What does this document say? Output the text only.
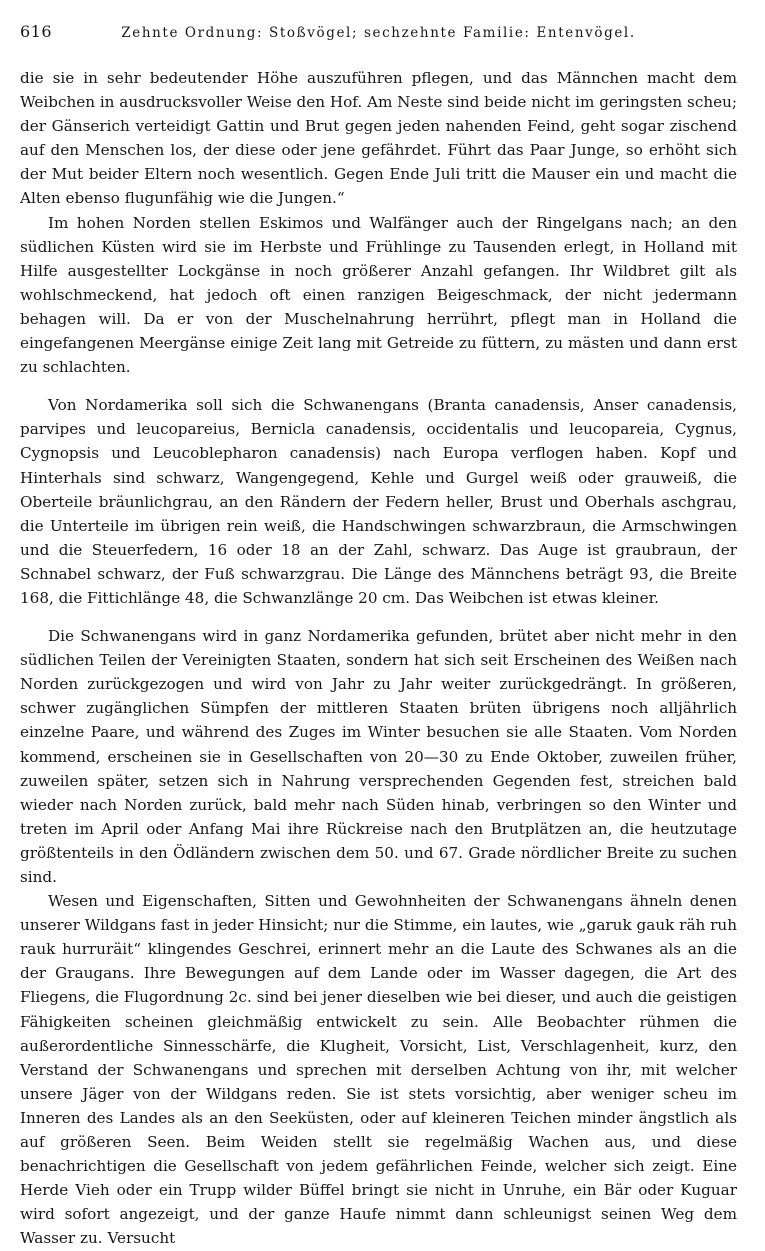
616	Zehnte Ordnung: Stoßvögel; sechzehnte Familie: Entenvögel.

die sie in sehr bedeutender Höhe auszuführen pflegen, und das Männchen macht dem Weibchen in ausdrucksvoller Weise den Hof. Am Neste sind beide nicht im geringsten scheu; der Gänserich verteidigt Gattin und Brut gegen jeden nahenden Feind, geht sogar zischend auf den Menschen los, der diese oder jene gefährdet. Führt das Paar Junge, so erhöht sich der Mut beider Eltern noch wesentlich. Gegen Ende Juli tritt die Mauser ein und macht die Alten ebenso flugunfähig wie die Jungen.“

Im hohen Norden stellen Eskimos und Walfänger auch der Ringelgans nach; an den südlichen Küsten wird sie im Herbste und Frühlinge zu Tausenden erlegt, in Holland mit Hilfe ausgestellter Lockgänse in noch größerer Anzahl gefangen. Ihr Wildbret gilt als wohlschmeckend, hat jedoch oft einen ranzigen Beigeschmack, der nicht jedermann behagen will. Da er von der Muschelnahrung herrührt, pflegt man in Holland die eingefangenen Meergänse einige Zeit lang mit Getreide zu füttern, zu mästen und dann erst zu schlachten.

Von Nordamerika soll sich die Schwanengans (Branta canadensis, Anser canadensis, parvipes und leucopareius, Bernicla canadensis, occidentalis und leucopareia, Cygnus, Cygnopsis und Leucoblepharon canadensis) nach Europa verflogen haben. Kopf und Hinterhals sind schwarz, Wangengegend, Kehle und Gurgel weiß oder grauweiß, die Oberteile bräunlichgrau, an den Rändern der Federn heller, Brust und Oberhals aschgrau, die Unterteile im übrigen rein weiß, die Handschwingen schwarzbraun, die Armschwingen und die Steuerfedern, 16 oder 18 an der Zahl, schwarz. Das Auge ist graubraun, der Schnabel schwarz, der Fuß schwarzgrau. Die Länge des Männchens beträgt 93, die Breite 168, die Fittichlänge 48, die Schwanzlänge 20 cm. Das Weibchen ist etwas kleiner.

Die Schwanengans wird in ganz Nordamerika gefunden, brütet aber nicht mehr in den südlichen Teilen der Vereinigten Staaten, sondern hat sich seit Erscheinen des Weißen nach Norden zurückgezogen und wird von Jahr zu Jahr weiter zurückgedrängt. In größeren, schwer zugänglichen Sümpfen der mittleren Staaten brüten übrigens noch alljährlich einzelne Paare, und während des Zuges im Winter besuchen sie alle Staaten. Vom Norden kommend, erscheinen sie in Gesellschaften von 20—30 zu Ende Oktober, zuweilen früher, zuweilen später, setzen sich in Nahrung versprechenden Gegenden fest, streichen bald wieder nach Norden zurück, bald mehr nach Süden hinab, verbringen so den Winter und treten im April oder Anfang Mai ihre Rückreise nach den Brutplätzen an, die heutzutage größtenteils in den Ödländern zwischen dem 50. und 67. Grade nördlicher Breite zu suchen sind.

Wesen und Eigenschaften, Sitten und Gewohnheiten der Schwanengans ähneln denen unserer Wildgans fast in jeder Hinsicht; nur die Stimme, ein lautes, wie „garuk gauk räh ruh rauk hurruräit“ klingendes Geschrei, erinnert mehr an die Laute des Schwanes als an die der Graugans. Ihre Bewegungen auf dem Lande oder im Wasser dagegen, die Art des Fliegens, die Flugordnung 2c. sind bei jener dieselben wie bei dieser, und auch die geistigen Fähigkeiten scheinen gleichmäßig entwickelt zu sein. Alle Beobachter rühmen die außerordentliche Sinnesschärfe, die Klugheit, Vorsicht, List, Verschlagenheit, kurz, den Verstand der Schwanengans und sprechen mit derselben Achtung von ihr, mit welcher unsere Jäger von der Wildgans reden. Sie ist stets vorsichtig, aber weniger scheu im Inneren des Landes als an den Seeküsten, oder auf kleineren Teichen minder ängstlich als auf größeren Seen. Beim Weiden stellt sie regelmäßig Wachen aus, und diese benachrichtigen die Gesellschaft von jedem gefährlichen Feinde, welcher sich zeigt. Eine Herde Vieh oder ein Trupp wilder Büffel bringt sie nicht in Unruhe, ein Bär oder Kuguar wird sofort angezeigt, und der ganze Haufe nimmt dann schleunigst seinen Weg dem Wasser zu. Versucht
